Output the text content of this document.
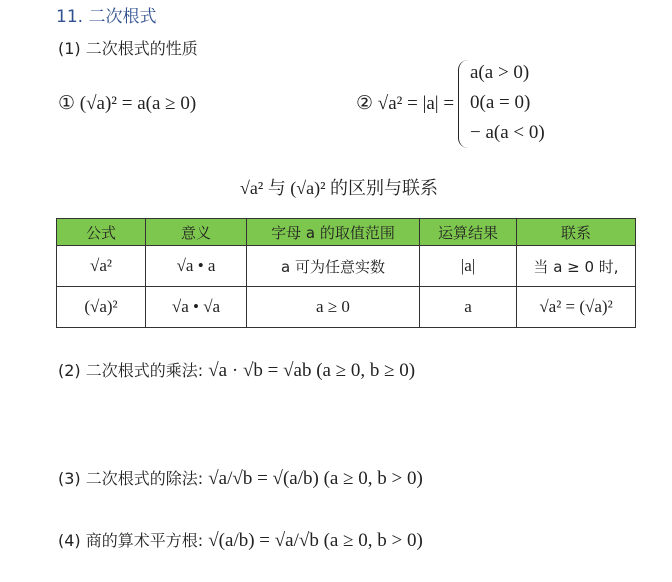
11. 二次根式
(1) 二次根式的性质
① (√a)² = a(a ≥ 0)	② √a² = |a| =
a(a > 0)
0(a = 0)
− a(a < 0)
√a² 与 (√a)² 的区别与联系
公式	意义	字母 a 的取值范围	运算结果	联系
√a²	√a • a	a 可为任意实数	|a|	当 a ≥ 0 时,
(√a)²	√a • √a	a ≥ 0	a	√a² = (√a)²
(2) 二次根式的乘法: √a · √b = √ab (a ≥ 0, b ≥ 0)
(3) 二次根式的除法: √a/√b = √(a/b) (a ≥ 0, b > 0)
(4) 商的算术平方根: √(a/b) = √a/√b (a ≥ 0, b > 0)
